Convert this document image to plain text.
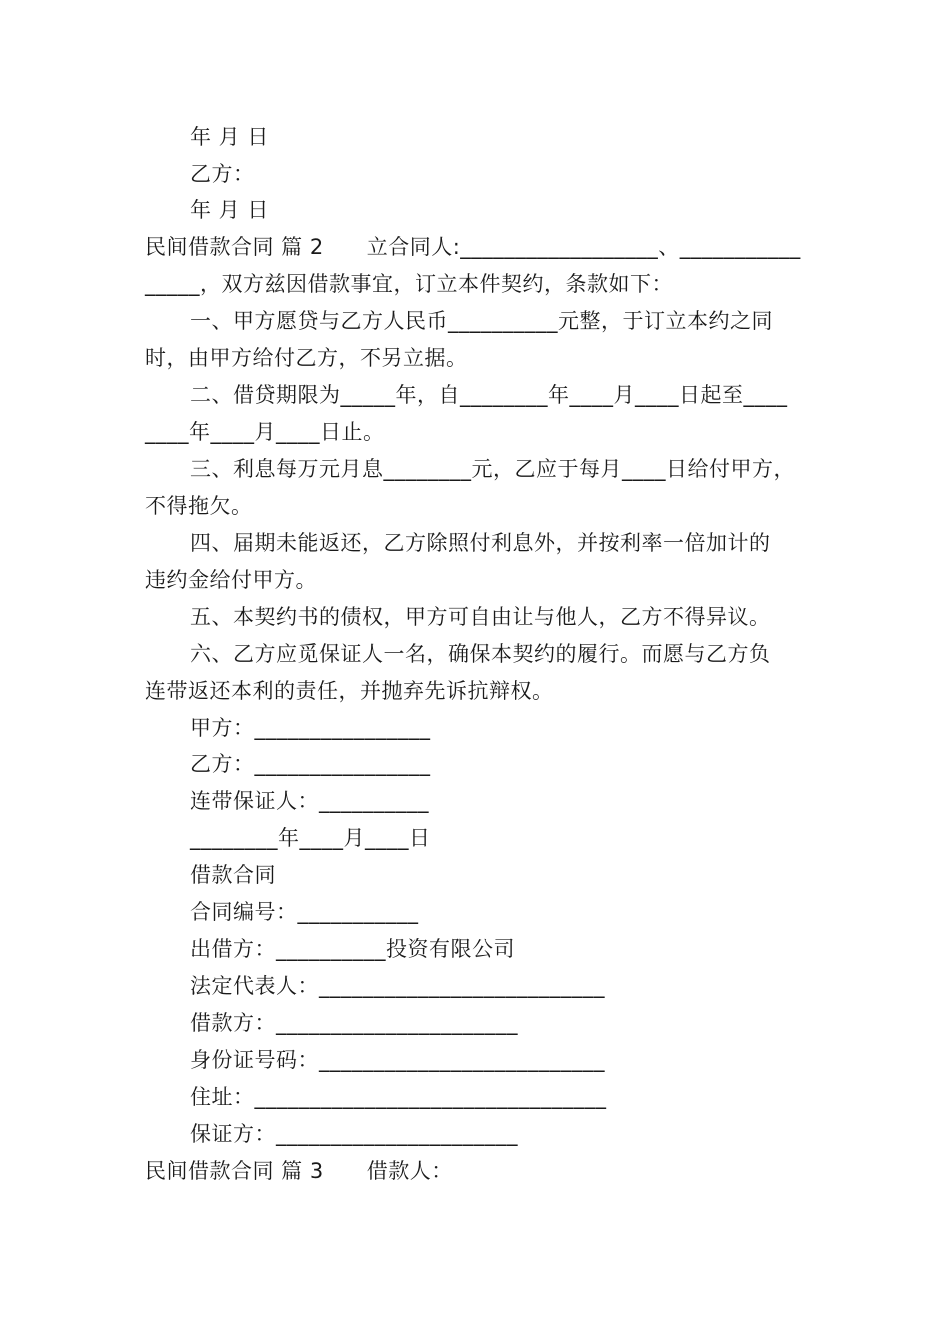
年 月 日
乙方：
年 月 日
民间借款合同 篇 2　　立合同人:__________________、___________
_____，双方兹因借款事宜，订立本件契约，条款如下：
一、甲方愿贷与乙方人民币__________元整，于订立本约之同
时，由甲方给付乙方，不另立据。
二、借贷期限为_____年，自________年____月____日起至____
____年____月____日止。
三、利息每万元月息________元，乙应于每月____日给付甲方，
不得拖欠。
四、届期未能返还，乙方除照付利息外，并按利率一倍加计的
违约金给付甲方。
五、本契约书的债权，甲方可自由让与他人，乙方不得异议。
六、乙方应觅保证人一名，确保本契约的履行。而愿与乙方负
连带返还本利的责任，并抛弃先诉抗辩权。
甲方：________________
乙方：________________
连带保证人：__________
________年____月____日
借款合同
合同编号：___________
出借方：__________投资有限公司
法定代表人：__________________________
借款方：______________________
身份证号码：__________________________
住址：________________________________
保证方：______________________
民间借款合同 篇 3　　借款人：
